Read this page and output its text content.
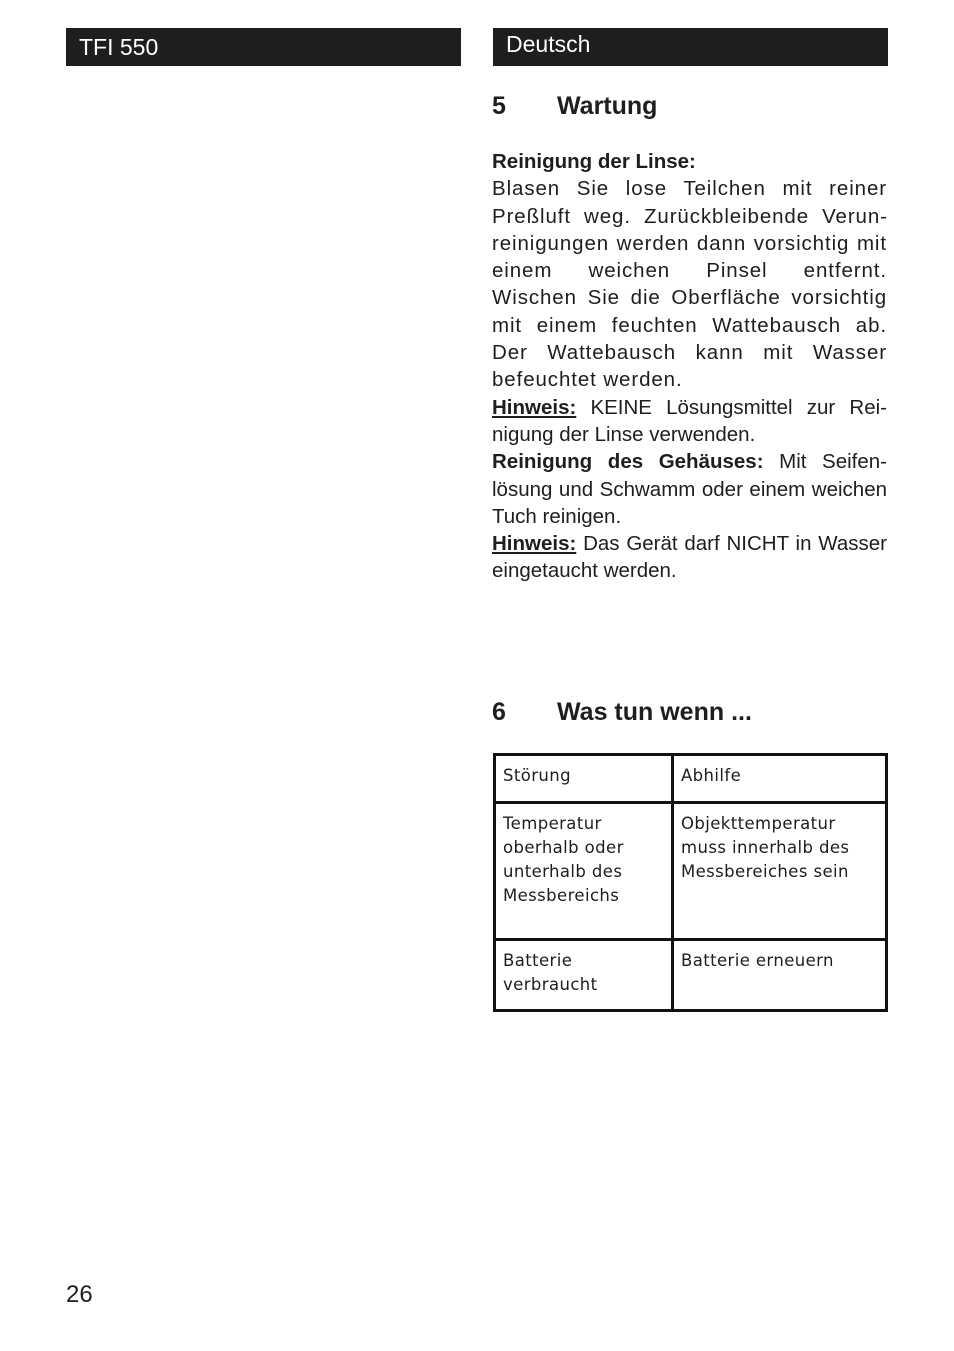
TFI 550	Deutsch
5 Wartung

Reinigung der Linse:

Blasen Sie lose Teilchen mit reiner Preßluft weg. Zurückbleibende Verunreinigungen werden dann vorsichtig mit einem weichen Pinsel entfernt. Wischen Sie die Oberfläche vorsichtig mit einem feuchten Wattebausch ab. Der Wattebausch kann mit Wasser befeuchtet werden.

Hinweis: KEINE Lösungsmittel zur Reinigung der Linse verwenden.

Reinigung des Gehäuses: Mit Seifenlösung und Schwamm oder einem weichen Tuch reinigen.

Hinweis: Das Gerät darf NICHT in Wasser eingetaucht werden.

6 Was tun wenn ...
Störung	Abhilfe
Temperatur oberhalb oder unterhalb des Messbereichs	Objekttemperatur muss innerhalb des Messbereiches sein
Batterie verbraucht	Batterie erneuern
26
